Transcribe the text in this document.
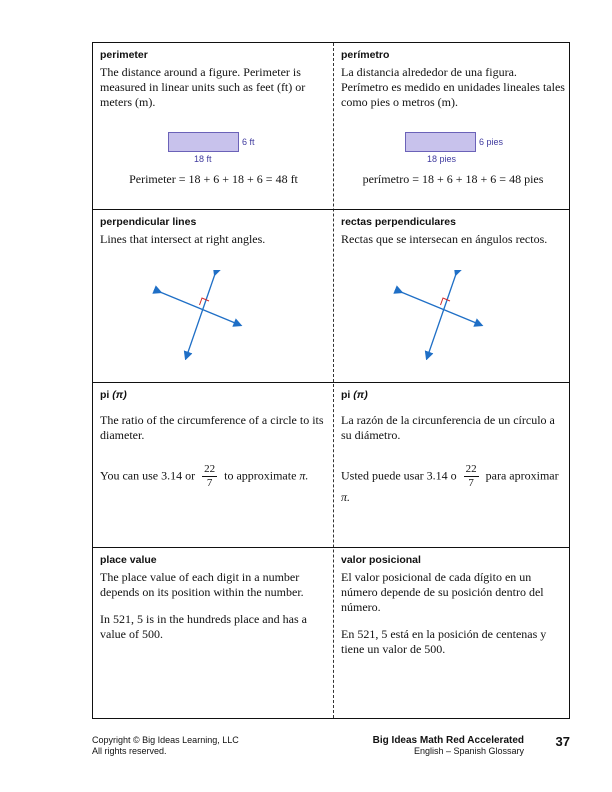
perimeter

The distance around a figure. Perimeter is measured in linear units such as feet (ft) or meters (m).

6 ft
18 ft

Perimeter = 18 + 6 + 18 + 6 = 48 ft

perímetro

La distancia alrededor de una figura. Perímetro es medido en unidades lineales tales como pies o metros (m).

6 pies
18 pies

perímetro = 18 + 6 + 18 + 6 = 48 pies

perpendicular lines

Lines that intersect at right angles.

rectas perpendiculares

Rectas que se intersecan en ángulos rectos.

pi (π)

The ratio of the circumference of a circle to its diameter.

You can use 3.14 or $\frac{22}{7}$ to approximate π.

pi (π)

La razón de la circunferencia de un círculo a su diámetro.

Usted puede usar 3.14 o $\frac{22}{7}$ para aproximar π.

place value

The place value of each digit in a number depends on its position within the number.

In 521, 5 is in the hundreds place and has a value of 500.

valor posicional

El valor posicional de cada dígito en un número depende de su posición dentro del número.

En 521, 5 está en la posición de centenas y tiene un valor de 500.

Copyright © Big Ideas Learning, LLC
All rights reserved.
Big Ideas Math Red Accelerated
English – Spanish Glossary
37
